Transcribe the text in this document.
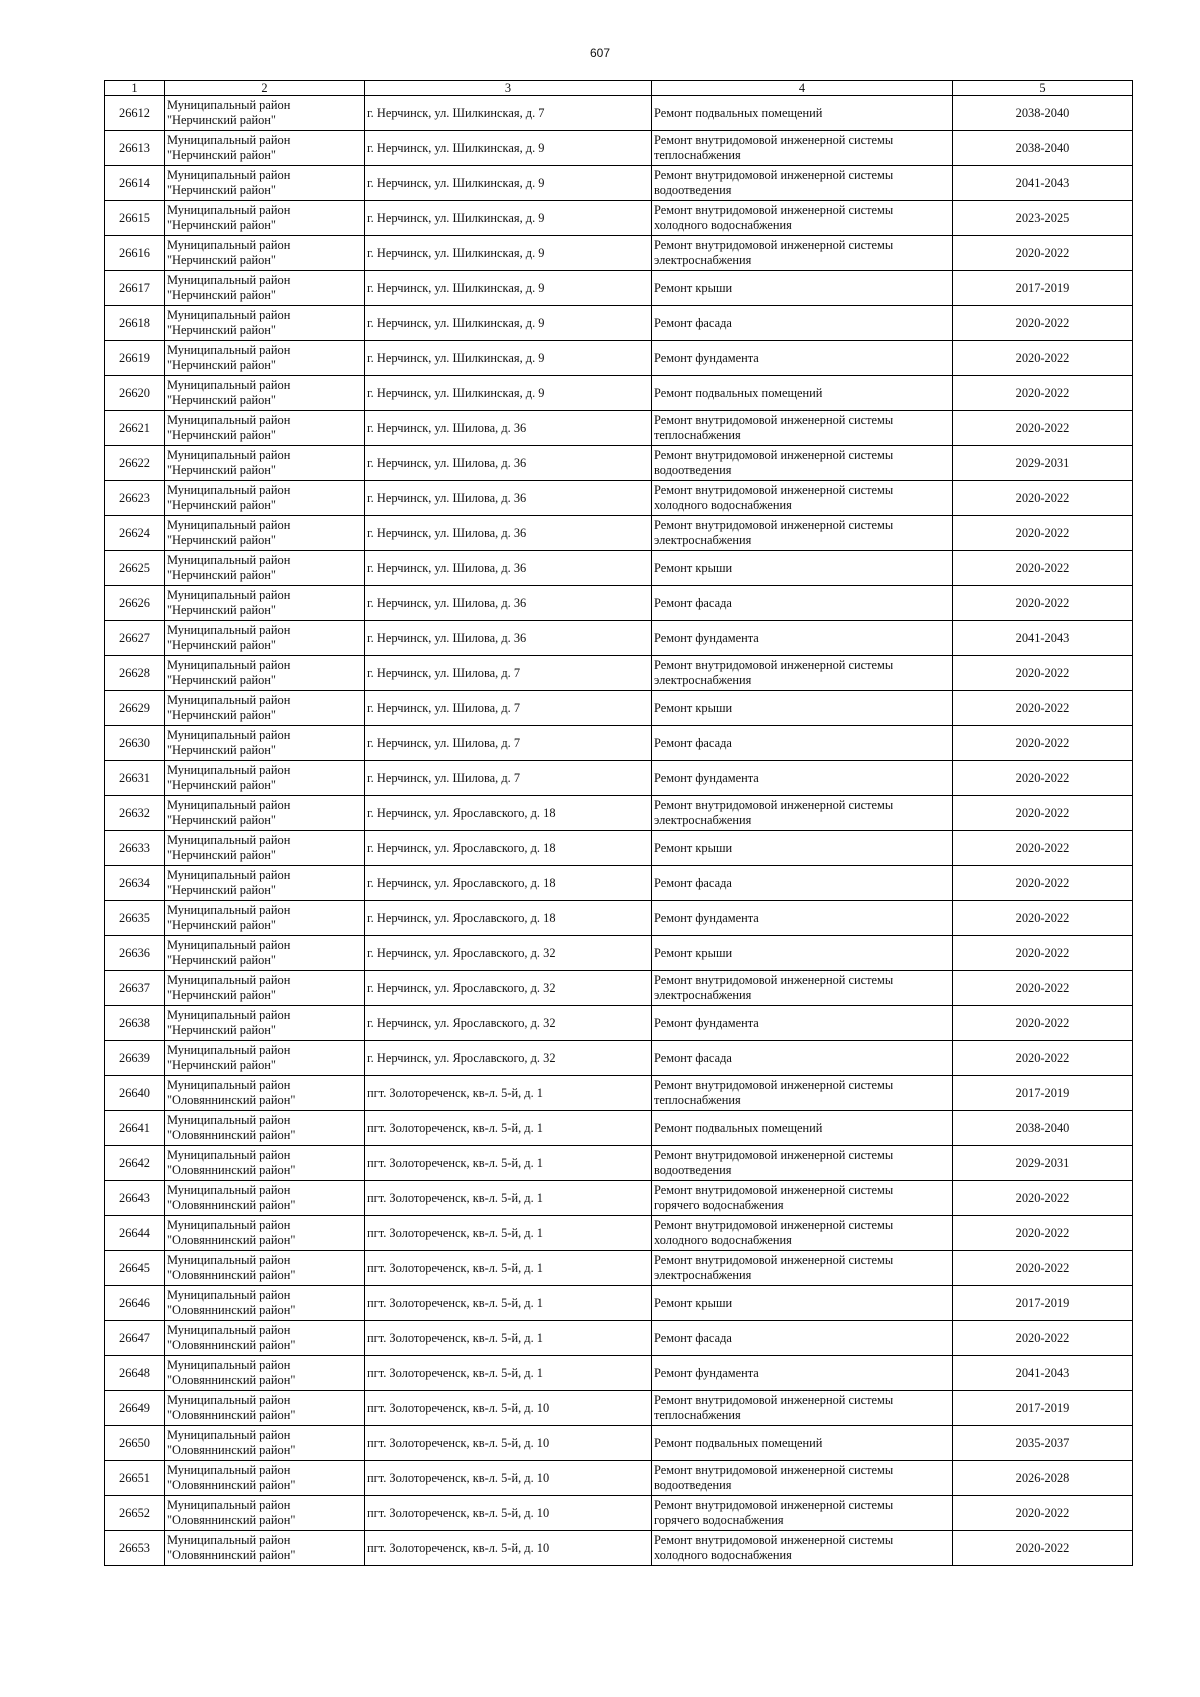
607
1	2	3	4	5
26612	Муниципальный район
"Нерчинский район"	г. Нерчинск, ул. Шилкинская, д. 7	Ремонт подвальных помещений	2038-2040
26613	Муниципальный район
"Нерчинский район"	г. Нерчинск, ул. Шилкинская, д. 9	Ремонт внутридомовой инженерной системы
теплоснабжения	2038-2040
26614	Муниципальный район
"Нерчинский район"	г. Нерчинск, ул. Шилкинская, д. 9	Ремонт внутридомовой инженерной системы
водоотведения	2041-2043
26615	Муниципальный район
"Нерчинский район"	г. Нерчинск, ул. Шилкинская, д. 9	Ремонт внутридомовой инженерной системы
холодного водоснабжения	2023-2025
26616	Муниципальный район
"Нерчинский район"	г. Нерчинск, ул. Шилкинская, д. 9	Ремонт внутридомовой инженерной системы
электроснабжения	2020-2022
26617	Муниципальный район
"Нерчинский район"	г. Нерчинск, ул. Шилкинская, д. 9	Ремонт крыши	2017-2019
26618	Муниципальный район
"Нерчинский район"	г. Нерчинск, ул. Шилкинская, д. 9	Ремонт фасада	2020-2022
26619	Муниципальный район
"Нерчинский район"	г. Нерчинск, ул. Шилкинская, д. 9	Ремонт фундамента	2020-2022
26620	Муниципальный район
"Нерчинский район"	г. Нерчинск, ул. Шилкинская, д. 9	Ремонт подвальных помещений	2020-2022
26621	Муниципальный район
"Нерчинский район"	г. Нерчинск, ул. Шилова, д. 36	Ремонт внутридомовой инженерной системы
теплоснабжения	2020-2022
26622	Муниципальный район
"Нерчинский район"	г. Нерчинск, ул. Шилова, д. 36	Ремонт внутридомовой инженерной системы
водоотведения	2029-2031
26623	Муниципальный район
"Нерчинский район"	г. Нерчинск, ул. Шилова, д. 36	Ремонт внутридомовой инженерной системы
холодного водоснабжения	2020-2022
26624	Муниципальный район
"Нерчинский район"	г. Нерчинск, ул. Шилова, д. 36	Ремонт внутридомовой инженерной системы
электроснабжения	2020-2022
26625	Муниципальный район
"Нерчинский район"	г. Нерчинск, ул. Шилова, д. 36	Ремонт крыши	2020-2022
26626	Муниципальный район
"Нерчинский район"	г. Нерчинск, ул. Шилова, д. 36	Ремонт фасада	2020-2022
26627	Муниципальный район
"Нерчинский район"	г. Нерчинск, ул. Шилова, д. 36	Ремонт фундамента	2041-2043
26628	Муниципальный район
"Нерчинский район"	г. Нерчинск, ул. Шилова, д. 7	Ремонт внутридомовой инженерной системы
электроснабжения	2020-2022
26629	Муниципальный район
"Нерчинский район"	г. Нерчинск, ул. Шилова, д. 7	Ремонт крыши	2020-2022
26630	Муниципальный район
"Нерчинский район"	г. Нерчинск, ул. Шилова, д. 7	Ремонт фасада	2020-2022
26631	Муниципальный район
"Нерчинский район"	г. Нерчинск, ул. Шилова, д. 7	Ремонт фундамента	2020-2022
26632	Муниципальный район
"Нерчинский район"	г. Нерчинск, ул. Ярославского, д. 18	Ремонт внутридомовой инженерной системы
электроснабжения	2020-2022
26633	Муниципальный район
"Нерчинский район"	г. Нерчинск, ул. Ярославского, д. 18	Ремонт крыши	2020-2022
26634	Муниципальный район
"Нерчинский район"	г. Нерчинск, ул. Ярославского, д. 18	Ремонт фасада	2020-2022
26635	Муниципальный район
"Нерчинский район"	г. Нерчинск, ул. Ярославского, д. 18	Ремонт фундамента	2020-2022
26636	Муниципальный район
"Нерчинский район"	г. Нерчинск, ул. Ярославского, д. 32	Ремонт крыши	2020-2022
26637	Муниципальный район
"Нерчинский район"	г. Нерчинск, ул. Ярославского, д. 32	Ремонт внутридомовой инженерной системы
электроснабжения	2020-2022
26638	Муниципальный район
"Нерчинский район"	г. Нерчинск, ул. Ярославского, д. 32	Ремонт фундамента	2020-2022
26639	Муниципальный район
"Нерчинский район"	г. Нерчинск, ул. Ярославского, д. 32	Ремонт фасада	2020-2022
26640	Муниципальный район
"Оловяннинский район"	пгт. Золотореченск, кв-л. 5-й, д. 1	Ремонт внутридомовой инженерной системы
теплоснабжения	2017-2019
26641	Муниципальный район
"Оловяннинский район"	пгт. Золотореченск, кв-л. 5-й, д. 1	Ремонт подвальных помещений	2038-2040
26642	Муниципальный район
"Оловяннинский район"	пгт. Золотореченск, кв-л. 5-й, д. 1	Ремонт внутридомовой инженерной системы
водоотведения	2029-2031
26643	Муниципальный район
"Оловяннинский район"	пгт. Золотореченск, кв-л. 5-й, д. 1	Ремонт внутридомовой инженерной системы
горячего водоснабжения	2020-2022
26644	Муниципальный район
"Оловяннинский район"	пгт. Золотореченск, кв-л. 5-й, д. 1	Ремонт внутридомовой инженерной системы
холодного водоснабжения	2020-2022
26645	Муниципальный район
"Оловяннинский район"	пгт. Золотореченск, кв-л. 5-й, д. 1	Ремонт внутридомовой инженерной системы
электроснабжения	2020-2022
26646	Муниципальный район
"Оловяннинский район"	пгт. Золотореченск, кв-л. 5-й, д. 1	Ремонт крыши	2017-2019
26647	Муниципальный район
"Оловяннинский район"	пгт. Золотореченск, кв-л. 5-й, д. 1	Ремонт фасада	2020-2022
26648	Муниципальный район
"Оловяннинский район"	пгт. Золотореченск, кв-л. 5-й, д. 1	Ремонт фундамента	2041-2043
26649	Муниципальный район
"Оловяннинский район"	пгт. Золотореченск, кв-л. 5-й, д. 10	Ремонт внутридомовой инженерной системы
теплоснабжения	2017-2019
26650	Муниципальный район
"Оловяннинский район"	пгт. Золотореченск, кв-л. 5-й, д. 10	Ремонт подвальных помещений	2035-2037
26651	Муниципальный район
"Оловяннинский район"	пгт. Золотореченск, кв-л. 5-й, д. 10	Ремонт внутридомовой инженерной системы
водоотведения	2026-2028
26652	Муниципальный район
"Оловяннинский район"	пгт. Золотореченск, кв-л. 5-й, д. 10	Ремонт внутридомовой инженерной системы
горячего водоснабжения	2020-2022
26653	Муниципальный район
"Оловяннинский район"	пгт. Золотореченск, кв-л. 5-й, д. 10	Ремонт внутридомовой инженерной системы
холодного водоснабжения	2020-2022
